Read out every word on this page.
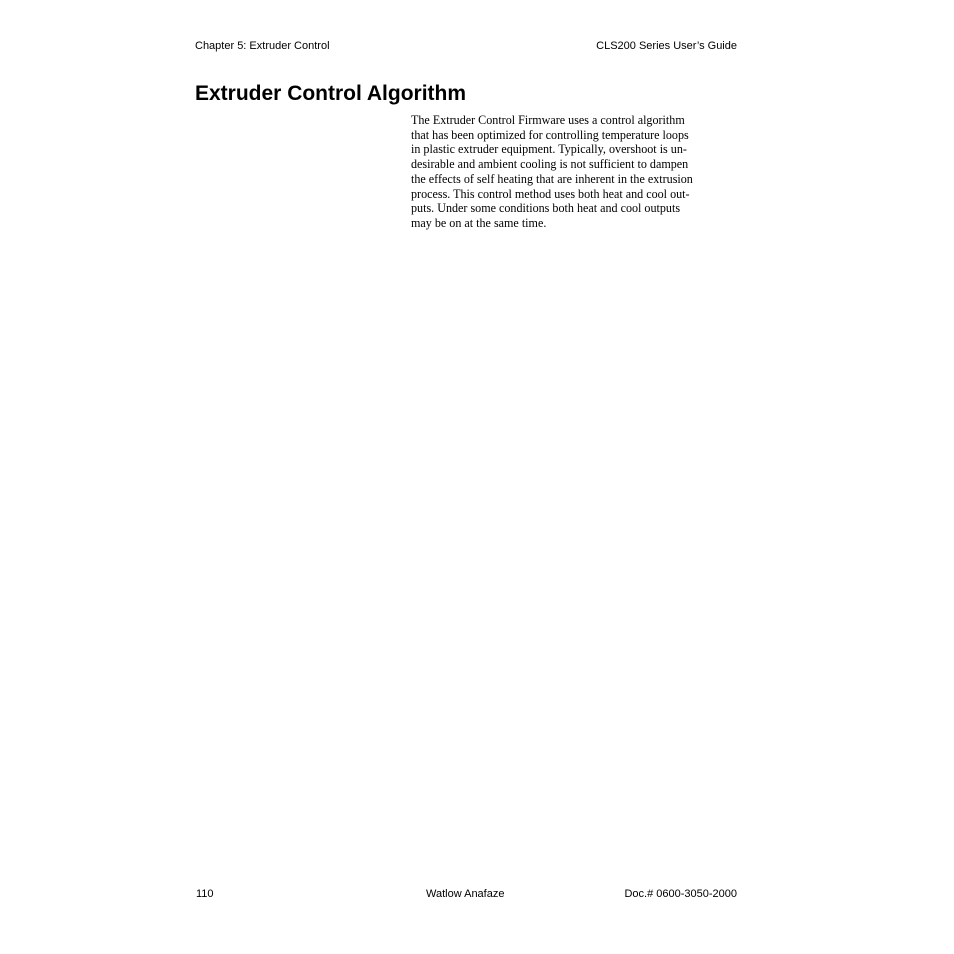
Chapter 5: Extruder Control	CLS200 Series User’s Guide
Extruder Control Algorithm
The Extruder Control Firmware uses a control algorithm
that has been optimized for controlling temperature loops
in plastic extruder equipment. Typically, overshoot is un-
desirable and ambient cooling is not sufficient to dampen
the effects of self heating that are inherent in the extrusion
process. This control method uses both heat and cool out-
puts. Under some conditions both heat and cool outputs
may be on at the same time.
110	Watlow Anafaze	Doc.# 0600-3050-2000
